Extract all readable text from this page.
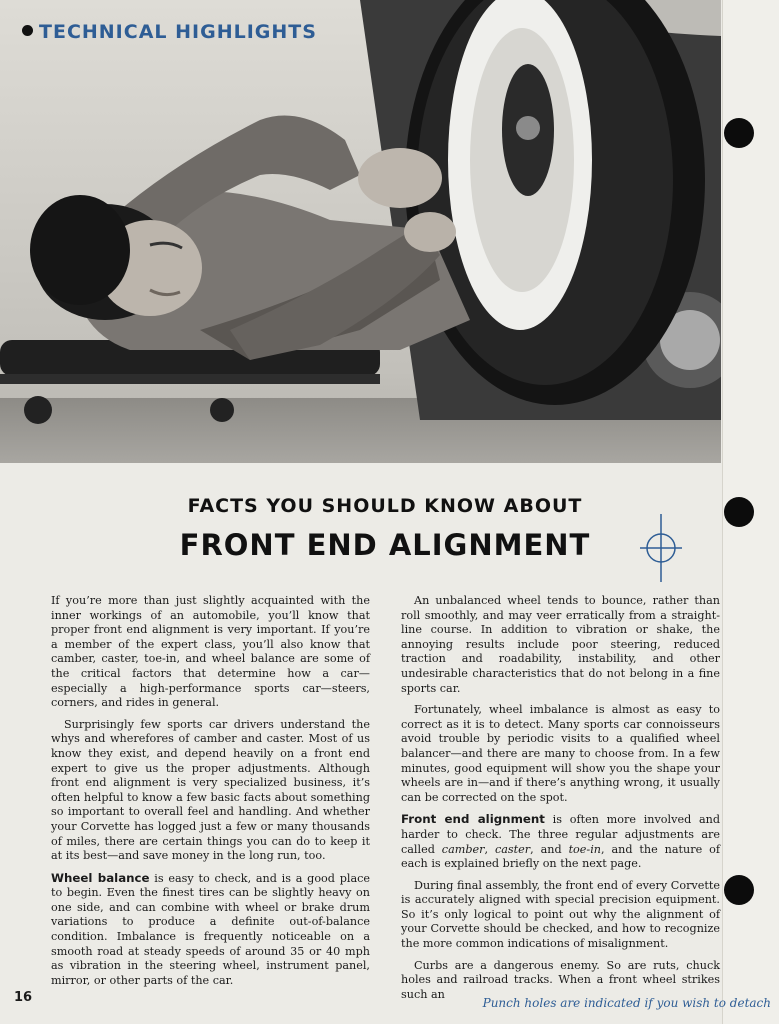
TECHNICAL HIGHLIGHTS
FACTS YOU SHOULD KNOW ABOUT
FRONT END ALIGNMENT

If you’re more than just slightly acquainted with the inner workings of an automobile, you’ll know that proper front end alignment is very important. If you’re a member of the expert class, you’ll also know that camber, caster, toe-in, and wheel balance are some of the critical factors that determine how a car—especially a high-performance sports car—steers, corners, and rides in general.

Surprisingly few sports car drivers understand the whys and wherefores of camber and caster. Most of us know they exist, and depend heavily on a front end expert to give us the proper adjustments. Although front end alignment is very specialized business, it’s often helpful to know a few basic facts about something so important to overall feel and handling. And whether your Corvette has logged just a few or many thousands of miles, there are certain things you can do to keep it at its best—and save money in the long run, too.

Wheel balance is easy to check, and is a good place to begin. Even the finest tires can be slightly heavy on one side, and can combine with wheel or brake drum variations to produce a definite out-of-balance condition. Imbalance is frequently noticeable on a smooth road at steady speeds of around 35 or 40 mph as vibration in the steering wheel, instrument panel, mirror, or other parts of the car.

An unbalanced wheel tends to bounce, rather than roll smoothly, and may veer erratically from a straight-line course. In addition to vibration or shake, the annoying results include poor steering, reduced traction and roadability, instability, and other undesirable characteristics that do not belong in a fine sports car.

Fortunately, wheel imbalance is almost as easy to correct as it is to detect. Many sports car connoisseurs avoid trouble by periodic visits to a qualified wheel balancer—and there are many to choose from. In a few minutes, good equipment will show you the shape your wheels are in—and if there’s anything wrong, it usually can be corrected on the spot.

Front end alignment is often more involved and harder to check. The three regular adjustments are called camber, caster, and toe-in, and the nature of each is explained briefly on the next page.

During final assembly, the front end of every Corvette is accurately aligned with special precision equipment. So it’s only logical to point out why the alignment of your Corvette should be checked, and how to recognize the more common indications of misalignment.

Curbs are a dangerous enemy. So are ruts, chuck holes and railroad tracks. When a front wheel strikes such an

16	Punch holes are indicated if you wish to detach
